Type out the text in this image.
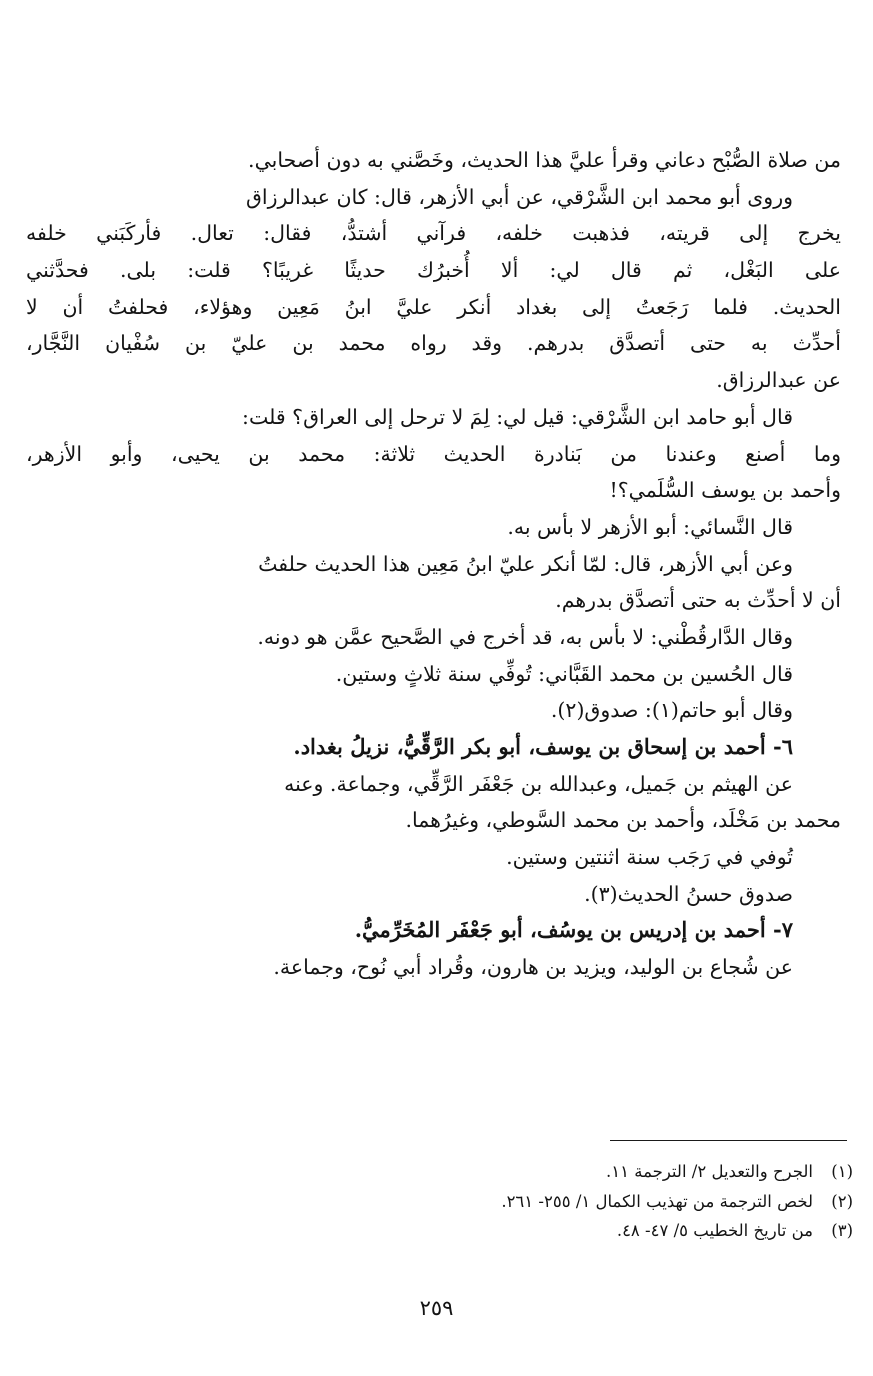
من صلاة الصُّبْح دعاني وقرأ عليَّ هذا الحديث، وخَصَّني به دون أصحابي.
وروى أبو محمد ابن الشَّرْقي، عن أبي الأزهر، قال: كان عبدالرزاق
يخرج إلى قريته، فذهبت خلفه، فرآني أشتدُّ، فقال: تعال. فأركَبَني خلفه
على البَغْل، ثم قال لي: ألا أُخبرُك حديثًا غريبًا؟ قلت: بلى. فحدَّثني
الحديث. فلما رَجَعتُ إلى بغداد أنكر عليَّ ابنُ مَعِين وهؤلاء، فحلفتُ أن لا
أحدِّث به حتى أتصدَّق بدرهم. وقد رواه محمد بن عليّ بن سُفْيان النَّجَّار،
عن عبدالرزاق.
قال أبو حامد ابن الشَّرْقي: قيل لي: لِمَ لا ترحل إلى العراق؟ قلت:
وما أصنع وعندنا من بَنادرة الحديث ثلاثة: محمد بن يحيى، وأبو الأزهر،
وأحمد بن يوسف السُّلَمي؟!
قال النَّسائي: أبو الأزهر لا بأس به.
وعن أبي الأزهر، قال: لمّا أنكر عليّ ابنُ مَعِين هذا الحديث حلفتُ
أن لا أحدِّث به حتى أتصدَّق بدرهم.
وقال الدَّارقُطْني: لا بأس به، قد أخرج في الصَّحيح عمَّن هو دونه.
قال الحُسين بن محمد القَبَّاني: تُوفِّي سنة ثلاثٍ وستين.
وقال أبو حاتم(١): صدوق(٢).
٦- أحمد بن إسحاق بن يوسف، أبو بكر الرَّقِّيُّ، نزيلُ بغداد.
عن الهيثم بن جَميل، وعبدالله بن جَعْفَر الرَّقِّي، وجماعة. وعنه
محمد بن مَخْلَد، وأحمد بن محمد السَّوطي، وغيرُهما.
تُوفي في رَجَب سنة اثنتين وستين.
صدوق حسنُ الحديث(٣).
٧- أحمد بن إدريس بن يوسُف، أبو جَعْفَر المُخَرِّميُّ.
عن شُجاع بن الوليد، ويزيد بن هارون، وقُراد أبي نُوح، وجماعة.
(١)الجرح والتعديل ٢/ الترجمة ١١.
(٢)لخص الترجمة من تهذيب الكمال ١/ ٢٥٥- ٢٦١.
(٣)من تاريخ الخطيب ٥/ ٤٧- ٤٨.
٢٥٩
